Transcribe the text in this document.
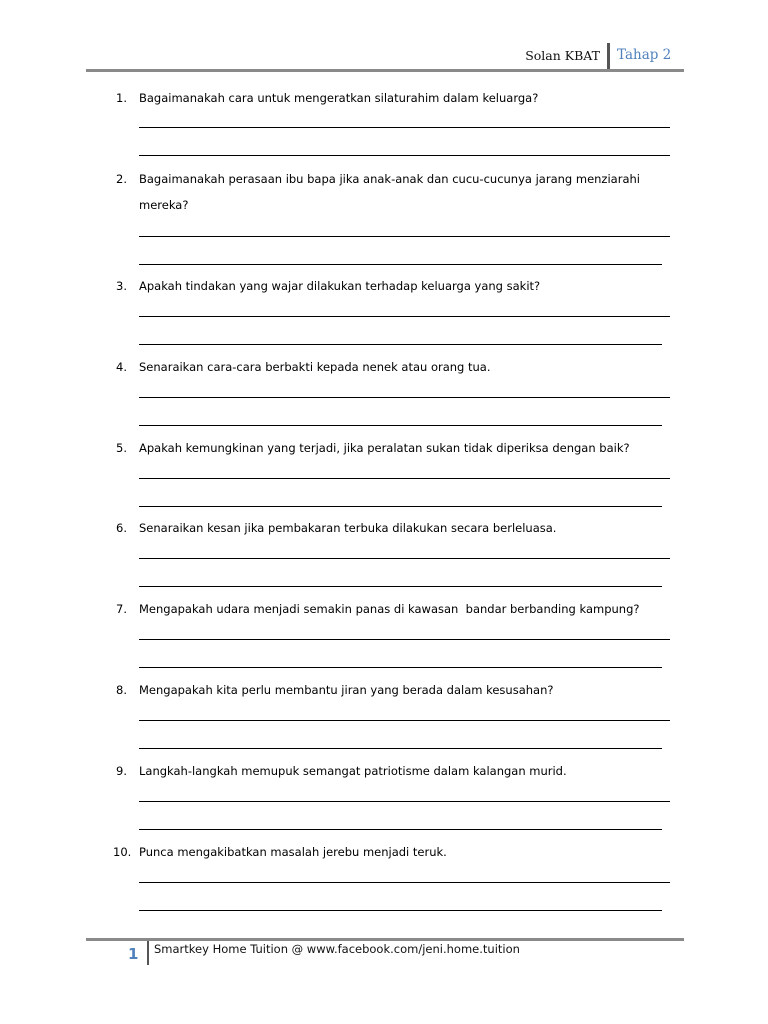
Solan KBAT Tahap 2
1. Bagaimanakah cara untuk mengeratkan silaturahim dalam keluarga?
2. Bagaimanakah perasaan ibu bapa jika anak-anak dan cucu-cucunya jarang menziarahi mereka?
3. Apakah tindakan yang wajar dilakukan terhadap keluarga yang sakit?
4. Senaraikan cara-cara berbakti kepada nenek atau orang tua.
5. Apakah kemungkinan yang terjadi, jika peralatan sukan tidak diperiksa dengan baik?
6. Senaraikan kesan jika pembakaran terbuka dilakukan secara berleluasa.
7. Mengapakah udara menjadi semakin panas di kawasan  bandar berbanding kampung?
8. Mengapakah kita perlu membantu jiran yang berada dalam kesusahan?
9. Langkah-langkah memupuk semangat patriotisme dalam kalangan murid.
10. Punca mengakibatkan masalah jerebu menjadi teruk.
1 Smartkey Home Tuition @ www.facebook.com/jeni.home.tuition
